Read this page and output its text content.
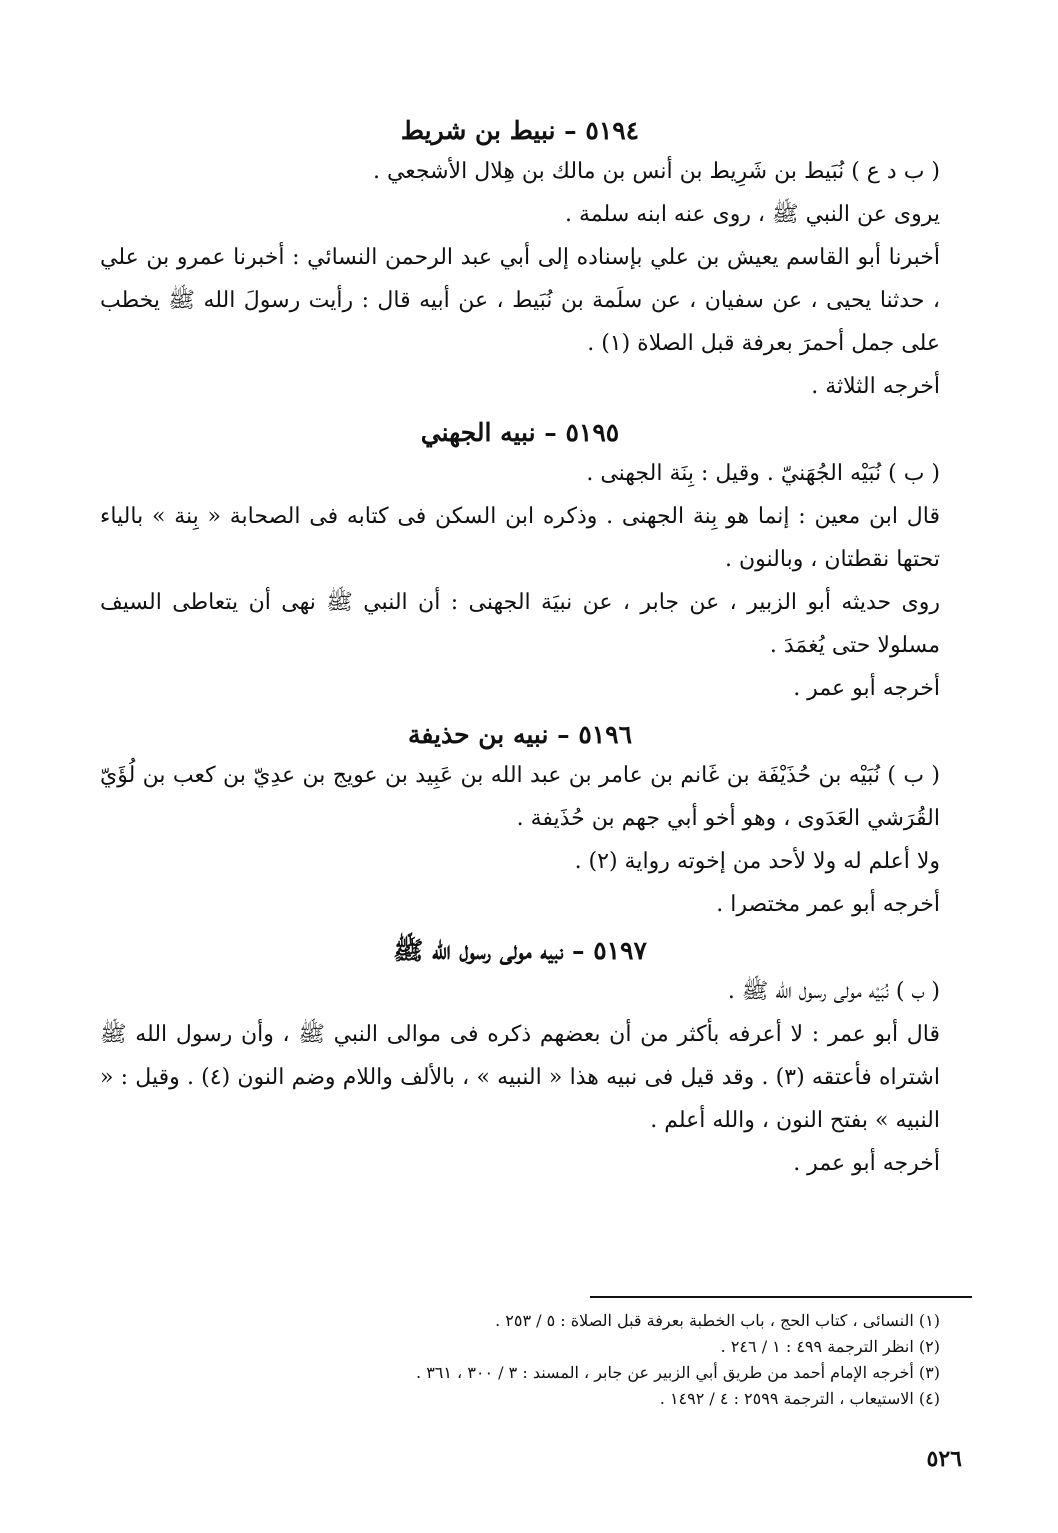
٥١٩٤ – نبيط بن شريط

( ب د ع ) نُبَيط بن شَرِيط بن أنس بن مالك بن هِلال الأشجعي .

يروى عن النبي ﷺ ، روى عنه ابنه سلمة .

أخبرنا أبو القاسم يعيش بن علي بإسناده إلى أبي عبد الرحمن النسائي : أخبرنا عمرو بن علي ، حدثنا يحيى ، عن سفيان ، عن سلَمة بن نُبَيط ، عن أبيه قال : رأيت رسولَ الله ﷺ يخطب على جمل أحمرَ بعرفة قبل الصلاة (١) .

أخرجه الثلاثة .

٥١٩٥ – نبيه الجهني

( ب ) نُبَيْه الجُهَنيّ . وقيل : بِنَة الجهنى .

قال ابن معين : إنما هو بِنة الجهنى . وذكره ابن السكن فى كتابه فى الصحابة « بِنة » بالياء تحتها نقطتان ، وبالنون .

روى حديثه أبو الزبير ، عن جابر ، عن نبيَة الجهنى : أن النبي ﷺ نهى أن يتعاطى السيف مسلولا حتى يُغمَدَ .

أخرجه أبو عمر .

٥١٩٦ – نبيه بن حذيفة

( ب ) نُبَيْه بن حُذَيْفَة بن غَانم بن عامر بن عبد الله بن عَبِيد بن عويج بن عدِيّ بن كعب بن لُؤَيّ القُرَشي العَدَوى ، وهو أخو أبي جهم بن حُذَيفة .

ولا أعلم له ولا لأحد من إخوته رواية (٢) .

أخرجه أبو عمر مختصرا .

٥١٩٧ – نبيه مولى رسول الله ﷺ

( ب ) نُبَيْه مولى رسول الله ﷺ .

قال أبو عمر : لا أعرفه بأكثر من أن بعضهم ذكره فى موالى النبي ﷺ ، وأن رسول الله ﷺ اشتراه فأعتقه (٣) . وقد قيل فى نبيه هذا « النبيه » ، بالألف واللام وضم النون (٤) . وقيل : « النبيه » بفتح النون ، والله أعلم .

أخرجه أبو عمر .

(١) النسائى ، كتاب الحج ، باب الخطبة بعرفة قبل الصلاة : ٥ / ٢٥٣ .

(٢) انظر الترجمة ٤٩٩ : ١ / ٢٤٦ .

(٣) أخرجه الإمام أحمد من طريق أبي الزبير عن جابر ، المسند : ٣ / ٣٠٠ ، ٣٦١ .

(٤) الاستيعاب ، الترجمة ٢٥٩٩ : ٤ / ١٤٩٢ .

٥٢٦
